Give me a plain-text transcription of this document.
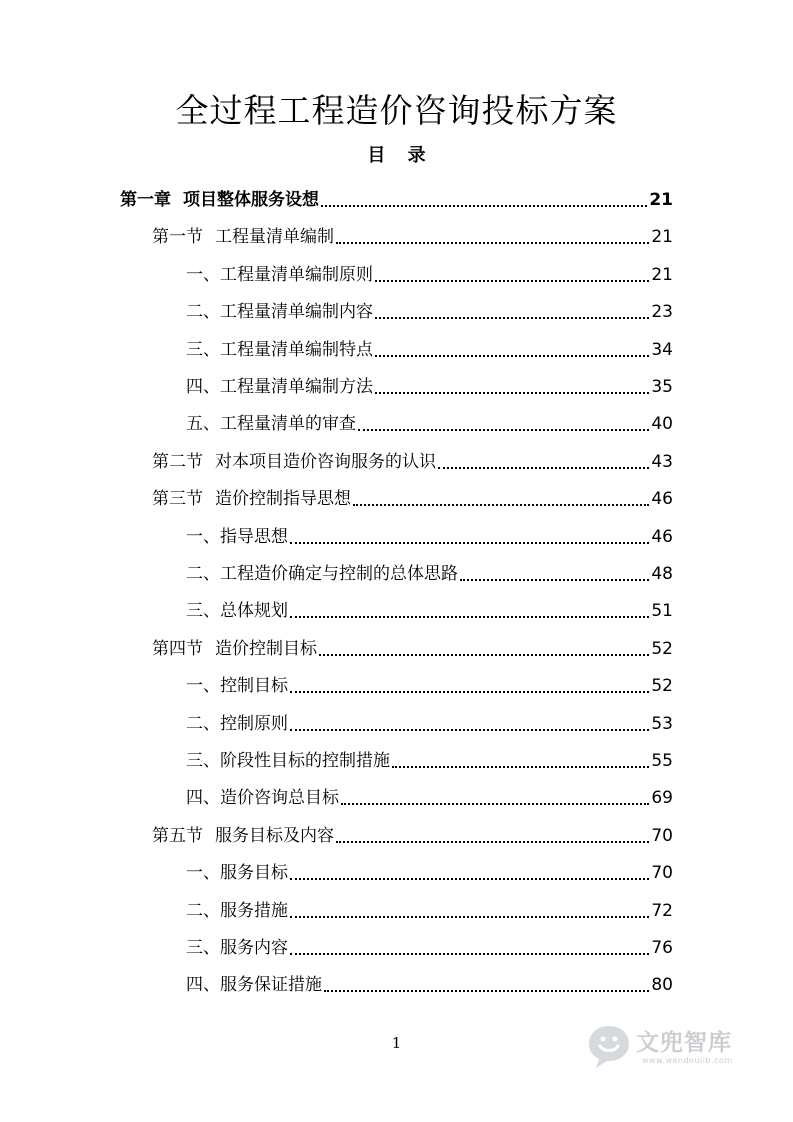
全过程工程造价咨询投标方案
目 录
第一章 项目整体服务设想	21
第一节 工程量清单编制	21
一、工程量清单编制原则	21
二、工程量清单编制内容	23
三、工程量清单编制特点	34
四、工程量清单编制方法	35
五、工程量清单的审查	40
第二节 对本项目造价咨询服务的认识	43
第三节 造价控制指导思想	46
一、指导思想	46
二、工程造价确定与控制的总体思路	48
三、总体规划	51
第四节 造价控制目标	52
一、控制目标	52
二、控制原则	53
三、阶段性目标的控制措施	55
四、造价咨询总目标	69
第五节 服务目标及内容	70
一、服务目标	70
二、服务措施	72
三、服务内容	76
四、服务保证措施	80
1	文兜智库
www.wendoulib.com
